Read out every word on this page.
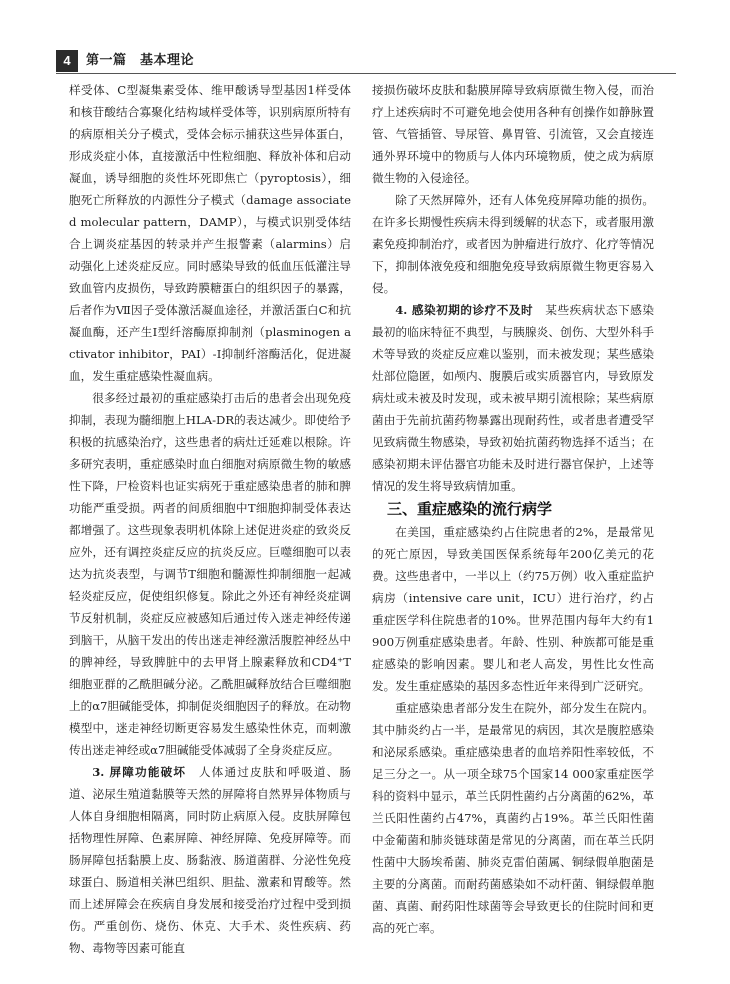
4	第一篇　基本理论

样受体、C型凝集素受体、维甲酸诱导型基因1样受体和核苷酸结合寡聚化结构域样受体等，识别病原所特有的病原相关分子模式，受体会标示捕获这些异体蛋白，形成炎症小体，直接激活中性粒细胞、释放补体和启动凝血，诱导细胞的炎性坏死即焦亡（pyroptosis），细胞死亡所释放的内源性分子模式（damage associated molecular pattern，DAMP），与模式识别受体结合上调炎症基因的转录并产生报警素（alarmins）启动强化上述炎症反应。同时感染导致的低血压低灌注导致血管内皮损伤，导致跨膜糖蛋白的组织因子的暴露，后者作为Ⅶ因子受体激活凝血途径，并激活蛋白C和抗凝血酶，还产生Ⅰ型纤溶酶原抑制剂（plasminogen activator inhibitor，PAI）-Ⅰ抑制纤溶酶活化，促进凝血，发生重症感染性凝血病。

很多经过最初的重症感染打击后的患者会出现免疫抑制，表现为髓细胞上HLA-DR的表达减少。即使给予积极的抗感染治疗，这些患者的病灶迁延难以根除。许多研究表明，重症感染时血白细胞对病原微生物的敏感性下降，尸检资料也证实病死于重症感染患者的肺和脾功能严重受损。两者的间质细胞中T细胞抑制受体表达都增强了。这些现象表明机体除上述促进炎症的致炎反应外，还有调控炎症反应的抗炎反应。巨噬细胞可以表达为抗炎表型，与调节T细胞和髓源性抑制细胞一起减轻炎症反应，促使组织修复。除此之外还有神经炎症调节反射机制，炎症反应被感知后通过传入迷走神经传递到脑干，从脑干发出的传出迷走神经激活腹腔神经丛中的脾神经，导致脾脏中的去甲肾上腺素释放和CD4⁺T细胞亚群的乙酰胆碱分泌。乙酰胆碱释放结合巨噬细胞上的α7胆碱能受体，抑制促炎细胞因子的释放。在动物模型中，迷走神经切断更容易发生感染性休克，而刺激传出迷走神经或α7胆碱能受体减弱了全身炎症反应。

3. 屏障功能破坏　人体通过皮肤和呼吸道、肠道、泌尿生殖道黏膜等天然的屏障将自然界异体物质与人体自身细胞相隔离，同时防止病原入侵。皮肤屏障包括物理性屏障、色素屏障、神经屏障、免疫屏障等。而肠屏障包括黏膜上皮、肠黏液、肠道菌群、分泌性免疫球蛋白、肠道相关淋巴组织、胆盐、激素和胃酸等。然而上述屏障会在疾病自身发展和接受治疗过程中受到损伤。严重创伤、烧伤、休克、大手术、炎性疾病、药物、毒物等因素可能直

接损伤破坏皮肤和黏膜屏障导致病原微生物入侵，而治疗上述疾病时不可避免地会使用各种有创操作如静脉置管、气管插管、导尿管、鼻胃管、引流管，又会直接连通外界环境中的物质与人体内环境物质，使之成为病原微生物的入侵途径。

除了天然屏障外，还有人体免疫屏障功能的损伤。在许多长期慢性疾病未得到缓解的状态下，或者服用激素免疫抑制治疗，或者因为肿瘤进行放疗、化疗等情况下，抑制体液免疫和细胞免疫导致病原微生物更容易入侵。

4. 感染初期的诊疗不及时　某些疾病状态下感染最初的临床特征不典型，与胰腺炎、创伤、大型外科手术等导致的炎症反应难以鉴别，而未被发现；某些感染灶部位隐匿，如颅内、腹膜后或实质器官内，导致原发病灶或未被及时发现，或未被早期引流根除；某些病原菌由于先前抗菌药物暴露出现耐药性，或者患者遭受罕见致病微生物感染，导致初始抗菌药物选择不适当；在感染初期未评估器官功能未及时进行器官保护，上述等情况的发生将导致病情加重。

三、重症感染的流行病学

在美国，重症感染约占住院患者的2%，是最常见的死亡原因，导致美国医保系统每年200亿美元的花费。这些患者中，一半以上（约75万例）收入重症监护病房（intensive care unit，ICU）进行治疗，约占重症医学科住院患者的10%。世界范围内每年大约有1 900万例重症感染患者。年龄、性别、种族都可能是重症感染的影响因素。婴儿和老人高发，男性比女性高发。发生重症感染的基因多态性近年来得到广泛研究。

重症感染患者部分发生在院外，部分发生在院内。其中肺炎约占一半，是最常见的病因，其次是腹腔感染和泌尿系感染。重症感染患者的血培养阳性率较低，不足三分之一。从一项全球75个国家14 000家重症医学科的资料中显示，革兰氏阴性菌约占分离菌的62%，革兰氏阳性菌约占47%，真菌约占19%。革兰氏阳性菌中金葡菌和肺炎链球菌是常见的分离菌，而在革兰氏阴性菌中大肠埃希菌、肺炎克雷伯菌属、铜绿假单胞菌是主要的分离菌。而耐药菌感染如不动杆菌、铜绿假单胞菌、真菌、耐药阳性球菌等会导致更长的住院时间和更高的死亡率。
